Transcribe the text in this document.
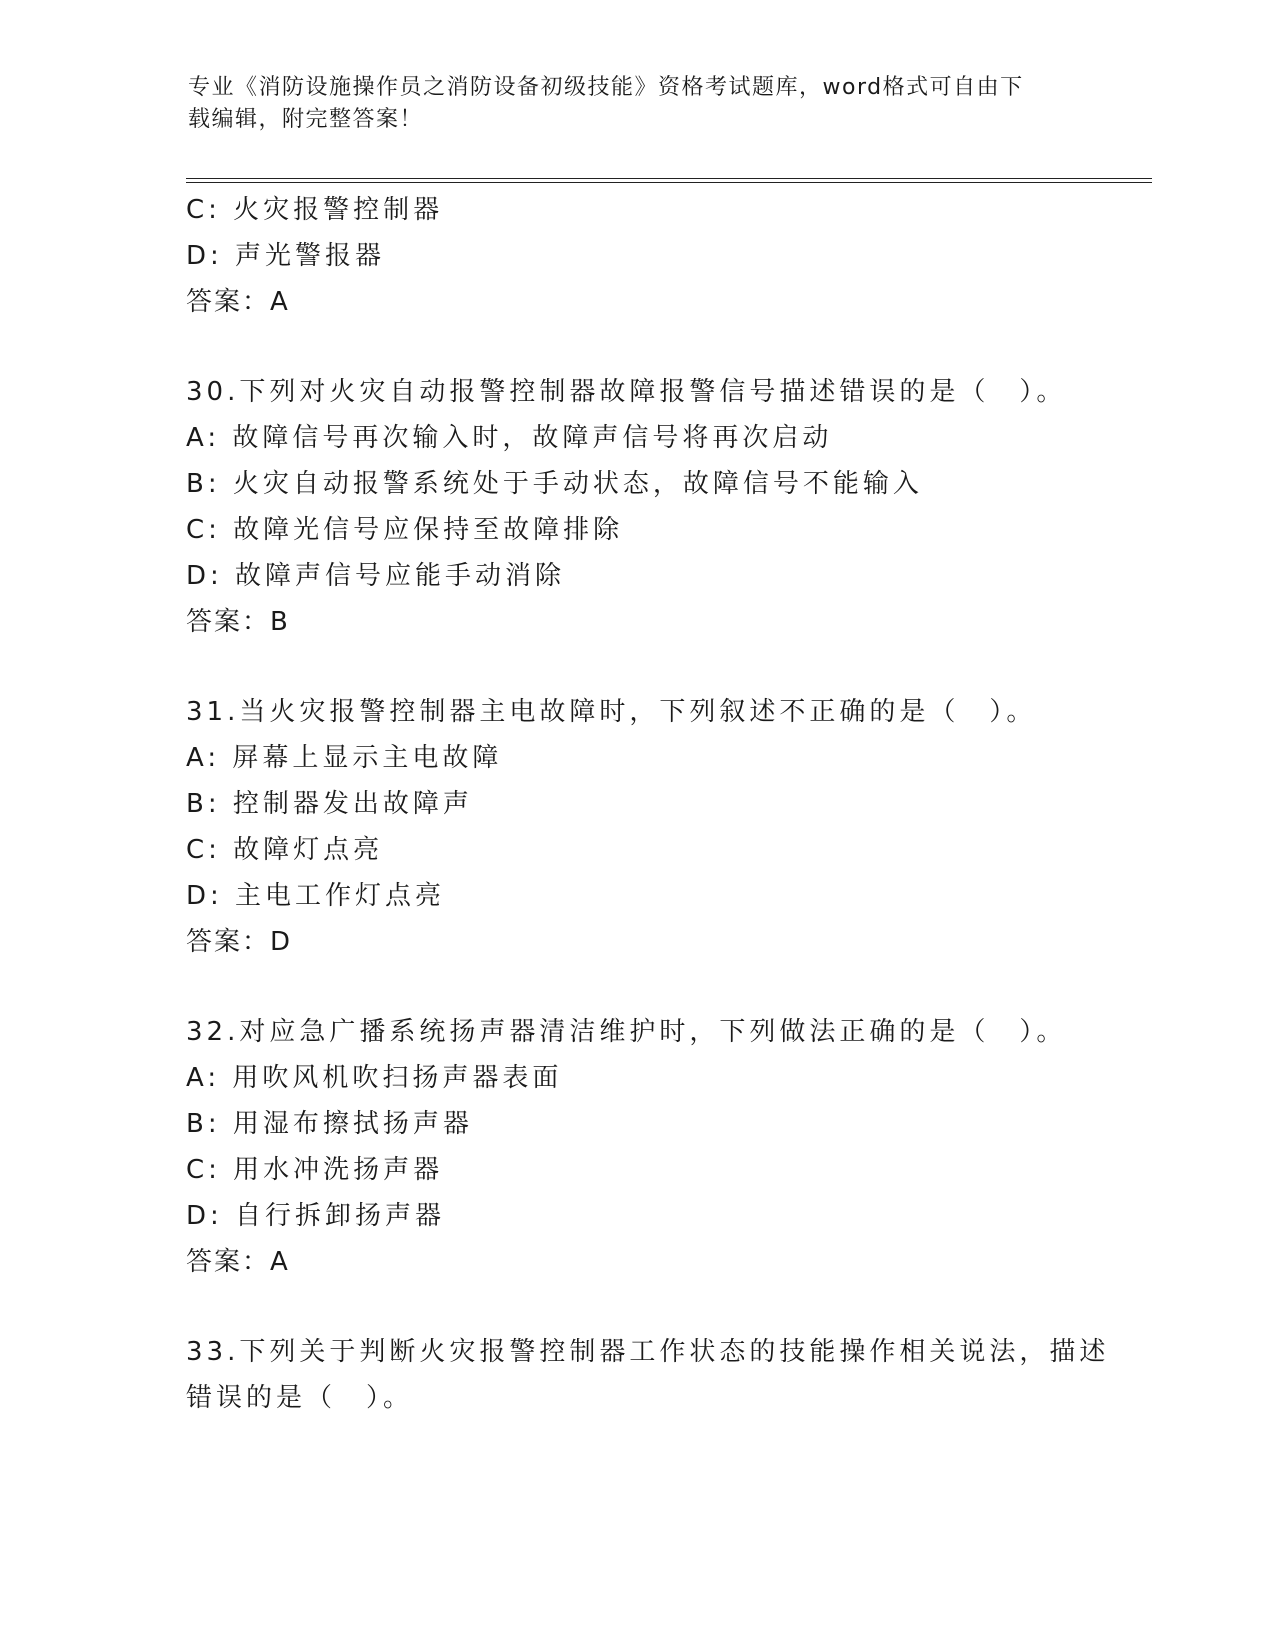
专业《消防设施操作员之消防设备初级技能》资格考试题库，word格式可自由下
载编辑，附完整答案！
C: 火灾报警控制器
D: 声光警报器
答案：A
30.下列对火灾自动报警控制器故障报警信号描述错误的是（　）。
A: 故障信号再次输入时，故障声信号将再次启动
B: 火灾自动报警系统处于手动状态，故障信号不能输入
C: 故障光信号应保持至故障排除
D: 故障声信号应能手动消除
答案：B
31.当火灾报警控制器主电故障时，下列叙述不正确的是（　）。
A: 屏幕上显示主电故障
B: 控制器发出故障声
C: 故障灯点亮
D: 主电工作灯点亮
答案：D
32.对应急广播系统扬声器清洁维护时，下列做法正确的是（　）。
A: 用吹风机吹扫扬声器表面
B: 用湿布擦拭扬声器
C: 用水冲洗扬声器
D: 自行拆卸扬声器
答案：A
33.下列关于判断火灾报警控制器工作状态的技能操作相关说法，描述
错误的是（　）。
